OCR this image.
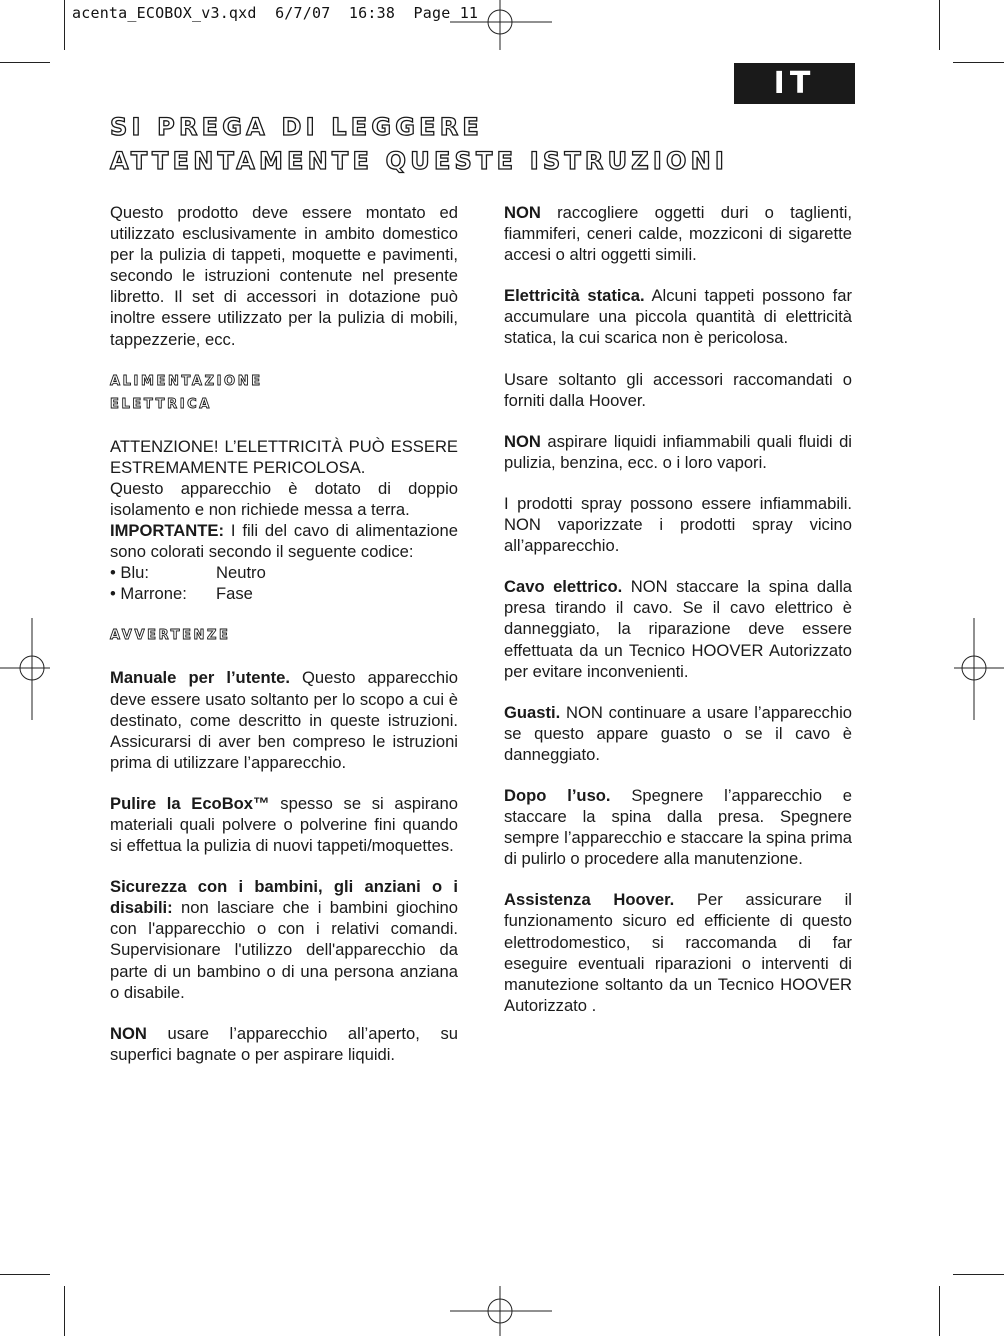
acenta_ECOBOX_v3.qxd  6/7/07  16:38  Page 11
IT
SI PREGA DI LEGGERE
ATTENTAMENTE QUESTE ISTRUZIONI

Questo prodotto deve essere montato ed utilizzato esclusivamente in ambito domestico per la pulizia di tappeti, moquette e pavimenti, secondo le istruzioni contenute nel presente libretto. Il set di accessori in dotazione può inoltre essere utilizzato per la pulizia di mobili, tappezzerie, ecc.

ALIMENTAZIONE
ELETTRICA

ATTENZIONE! L’ELETTRICITÀ PUÒ ESSERE ESTREMAMENTE PERICOLOSA.

Questo apparecchio è dotato di doppio isolamento e non richiede messa a terra.

IMPORTANTE: I fili del cavo di alimentazione sono colorati secondo il seguente codice:

• Blu:	Neutro
• Marrone:	Fase
AVVERTENZE

Manuale per l’utente. Questo apparecchio deve essere usato soltanto per lo scopo a cui è destinato, come descritto in queste istruzioni. Assicurarsi di aver ben compreso le istruzioni prima di utilizzare l’apparecchio.

Pulire la EcoBox™ spesso se si aspirano materiali quali polvere o polverine fini quando si effettua la pulizia di nuovi tappeti/moquettes.

Sicurezza con i bambini, gli anziani o i disabili: non lasciare che i bambini giochino con l'apparecchio o con i relativi comandi. Supervisionare l'utilizzo dell'apparecchio da parte di un bambino o di una persona anziana o disabile.

NON usare l’apparecchio all’aperto, su superfici bagnate o per aspirare liquidi.

NON raccogliere oggetti duri o taglienti, fiammiferi, ceneri calde, mozziconi di sigarette accesi o altri oggetti simili.

Elettricità statica. Alcuni tappeti possono far accumulare una piccola quantità di elettricità statica, la cui scarica non è pericolosa.

Usare soltanto gli accessori raccomandati o forniti dalla Hoover.

NON aspirare liquidi infiammabili quali fluidi di pulizia, benzina, ecc. o i loro vapori.

I prodotti spray possono essere infiammabili. NON vaporizzate i prodotti spray vicino all’apparecchio.

Cavo elettrico. NON staccare la spina dalla presa tirando il cavo. Se il cavo elettrico è danneggiato, la riparazione deve essere effettuata da un Tecnico HOOVER Autorizzato per evitare inconvenienti.

Guasti. NON continuare a usare l’apparecchio se questo appare guasto o se il cavo è danneggiato.

Dopo l’uso. Spegnere l’apparecchio e staccare la spina dalla presa. Spegnere sempre l’apparecchio e staccare la spina prima di pulirlo o procedere alla manutenzione.

Assistenza Hoover. Per assicurare il funzionamento sicuro ed efficiente di questo elettrodomestico, si raccomanda di far eseguire eventuali riparazioni o interventi di manutezione soltanto da un Tecnico HOOVER Autorizzato .
